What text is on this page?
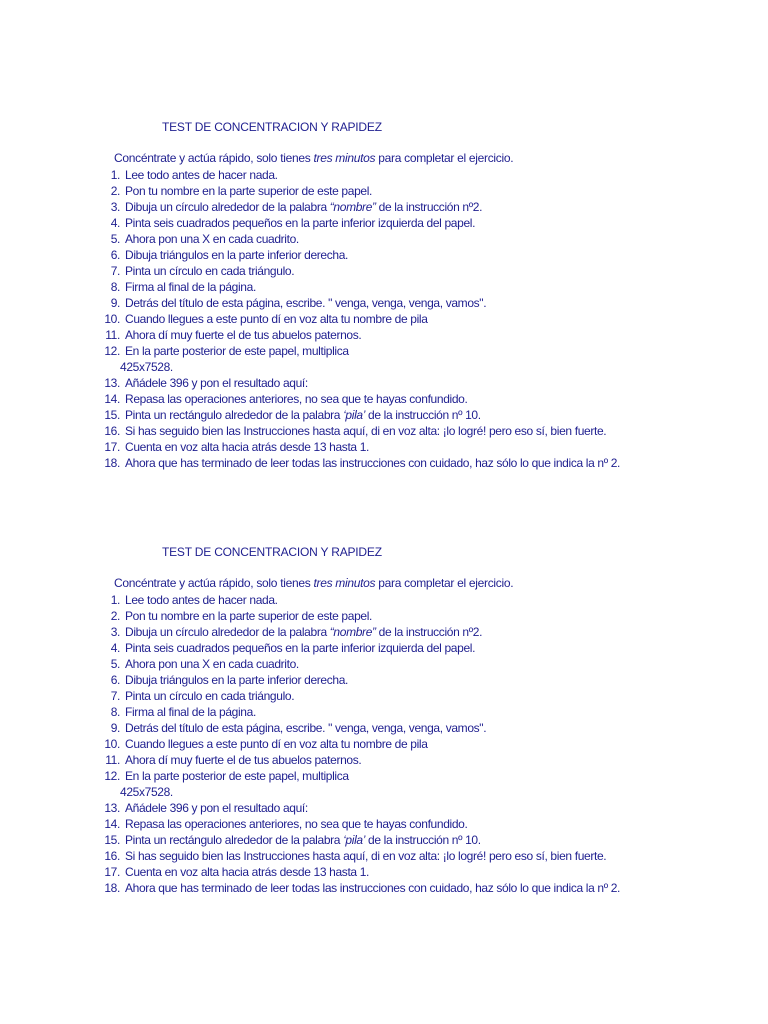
TEST DE CONCENTRACION Y RAPIDEZ
Concéntrate y actúa rápido, solo tienes tres minutos para completar el ejercicio.
1. Lee todo antes de hacer nada.
2. Pon tu nombre en la parte superior de este papel.
3. Dibuja un círculo alrededor de la palabra “nombre” de la instrucción nº2.
4. Pinta seis cuadrados pequeños en la parte inferior izquierda del papel.
5. Ahora pon una X en cada cuadrito.
6. Dibuja triángulos en la parte inferior derecha.
7. Pinta un círculo en cada triángulo.
8. Firma al final de la página.
9. Detrás del título de esta página, escribe. " venga, venga, venga, vamos".
10. Cuando llegues a este punto dí en voz alta tu nombre de pila
11. Ahora dí muy fuerte el de tus abuelos paternos.
12. En la parte posterior de este papel, multiplica
425x7528.
13. Añádele 396 y pon el resultado aquí:
14. Repasa las operaciones anteriores, no sea que te hayas confundido.
15. Pinta un rectángulo alrededor de la palabra ‘pila’ de la instrucción nº 10.
16. Si has seguido bien las Instrucciones hasta aquí, di en voz alta: ¡lo logré! pero eso sí, bien fuerte.
17. Cuenta en voz alta hacia atrás desde 13 hasta 1.
18. Ahora que has terminado de leer todas las instrucciones con cuidado, haz sólo lo que indica la nº 2.
TEST DE CONCENTRACION Y RAPIDEZ
Concéntrate y actúa rápido, solo tienes tres minutos para completar el ejercicio.
1. Lee todo antes de hacer nada.
2. Pon tu nombre en la parte superior de este papel.
3. Dibuja un círculo alrededor de la palabra “nombre” de la instrucción nº2.
4. Pinta seis cuadrados pequeños en la parte inferior izquierda del papel.
5. Ahora pon una X en cada cuadrito.
6. Dibuja triángulos en la parte inferior derecha.
7. Pinta un círculo en cada triángulo.
8. Firma al final de la página.
9. Detrás del título de esta página, escribe. " venga, venga, venga, vamos".
10. Cuando llegues a este punto dí en voz alta tu nombre de pila
11. Ahora dí muy fuerte el de tus abuelos paternos.
12. En la parte posterior de este papel, multiplica
425x7528.
13. Añádele 396 y pon el resultado aquí:
14. Repasa las operaciones anteriores, no sea que te hayas confundido.
15. Pinta un rectángulo alrededor de la palabra ‘pila’ de la instrucción nº 10.
16. Si has seguido bien las Instrucciones hasta aquí, di en voz alta: ¡lo logré! pero eso sí, bien fuerte.
17. Cuenta en voz alta hacia atrás desde 13 hasta 1.
18. Ahora que has terminado de leer todas las instrucciones con cuidado, haz sólo lo que indica la nº 2.
